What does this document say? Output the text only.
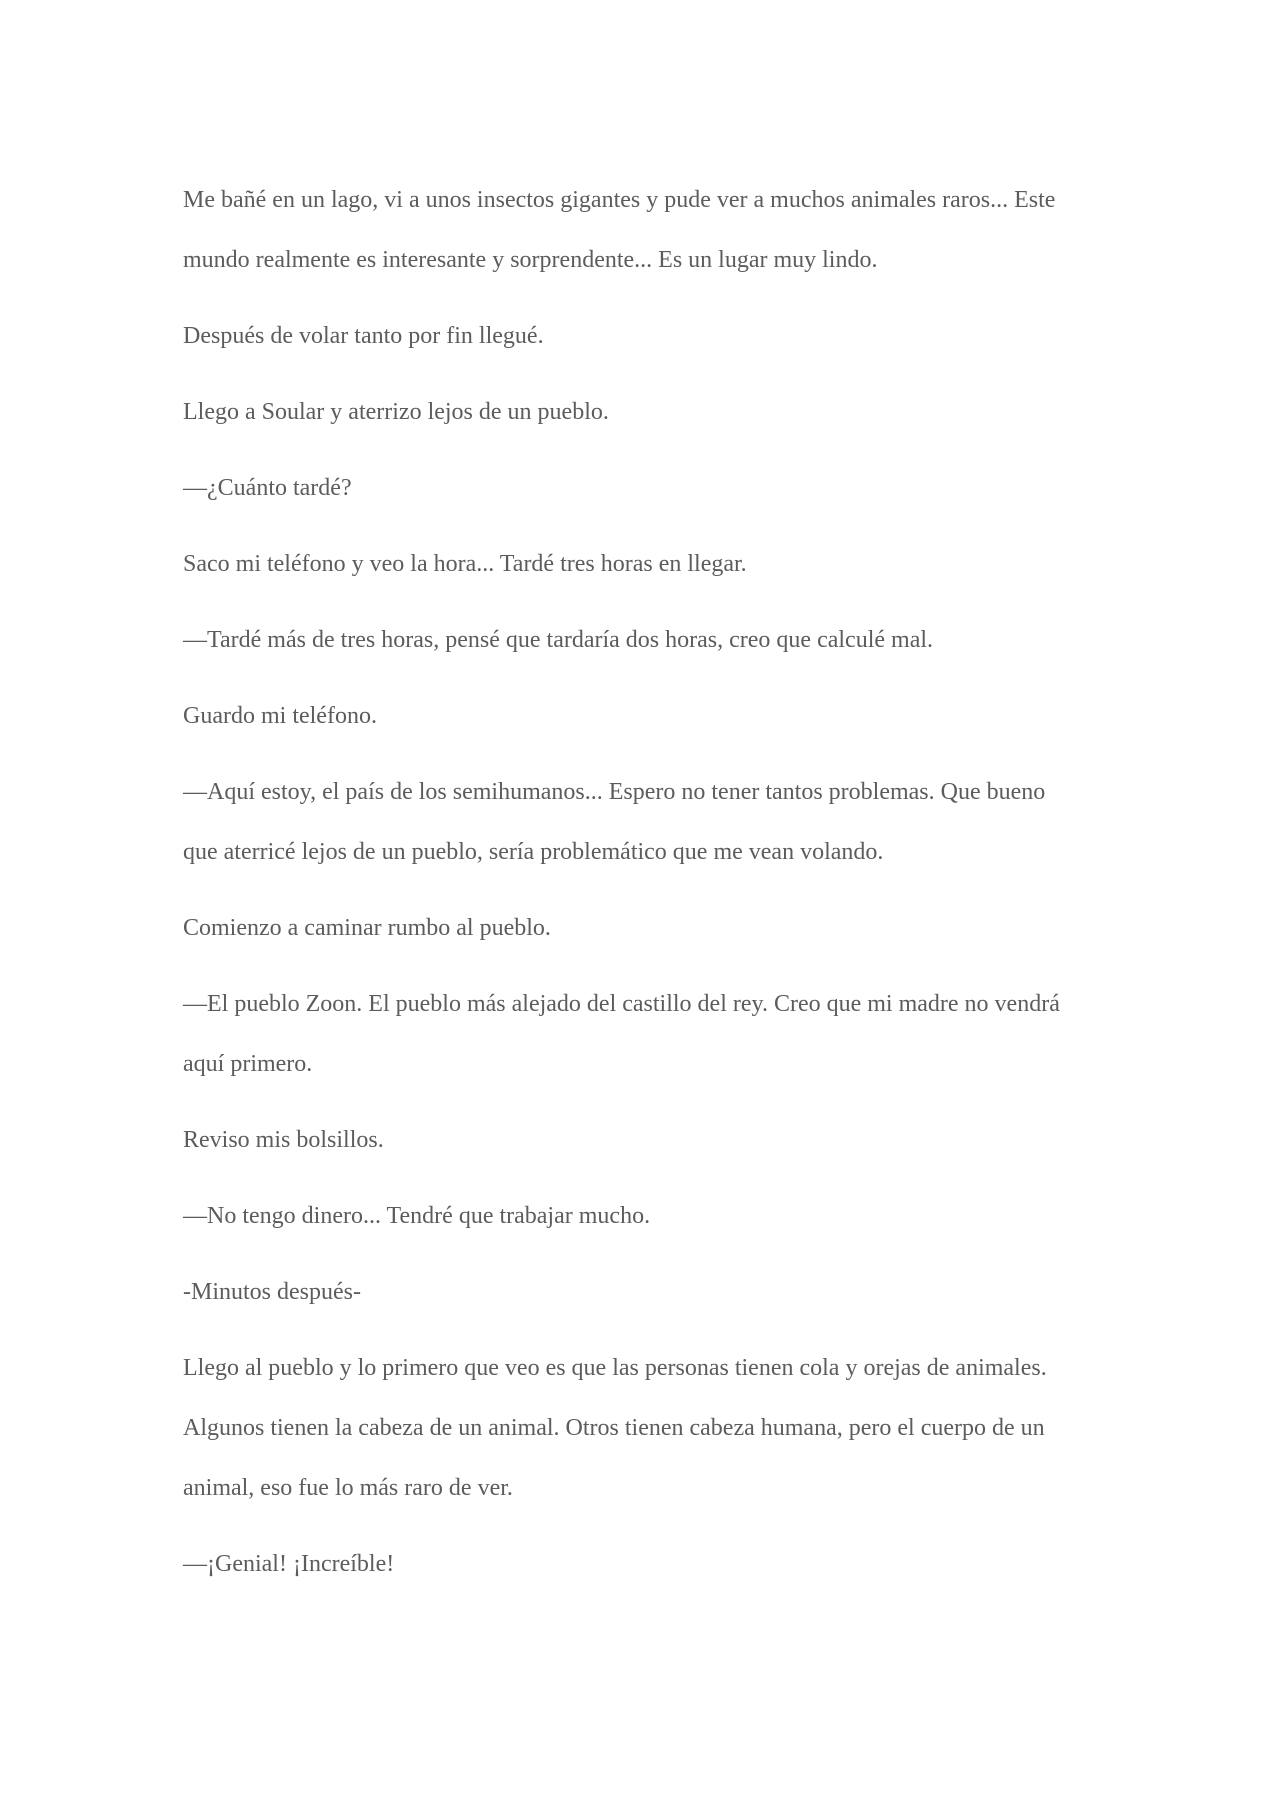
Me bañé en un lago, vi a unos insectos gigantes y pude ver a muchos animales raros... Este mundo realmente es interesante y sorprendente... Es un lugar muy lindo.

Después de volar tanto por fin llegué.

Llego a Soular y aterrizo lejos de un pueblo.

—¿Cuánto tardé?

Saco mi teléfono y veo la hora... Tardé tres horas en llegar.

—Tardé más de tres horas, pensé que tardaría dos horas, creo que calculé mal.

Guardo mi teléfono.

—Aquí estoy, el país de los semihumanos... Espero no tener tantos problemas. Que bueno que aterricé lejos de un pueblo, sería problemático que me vean volando.

Comienzo a caminar rumbo al pueblo.

—El pueblo Zoon. El pueblo más alejado del castillo del rey. Creo que mi madre no vendrá aquí primero.

Reviso mis bolsillos.

—No tengo dinero... Tendré que trabajar mucho.

-Minutos después-

Llego al pueblo y lo primero que veo es que las personas tienen cola y orejas de animales. Algunos tienen la cabeza de un animal. Otros tienen cabeza humana, pero el cuerpo de un animal, eso fue lo más raro de ver.

—¡Genial! ¡Increíble!
